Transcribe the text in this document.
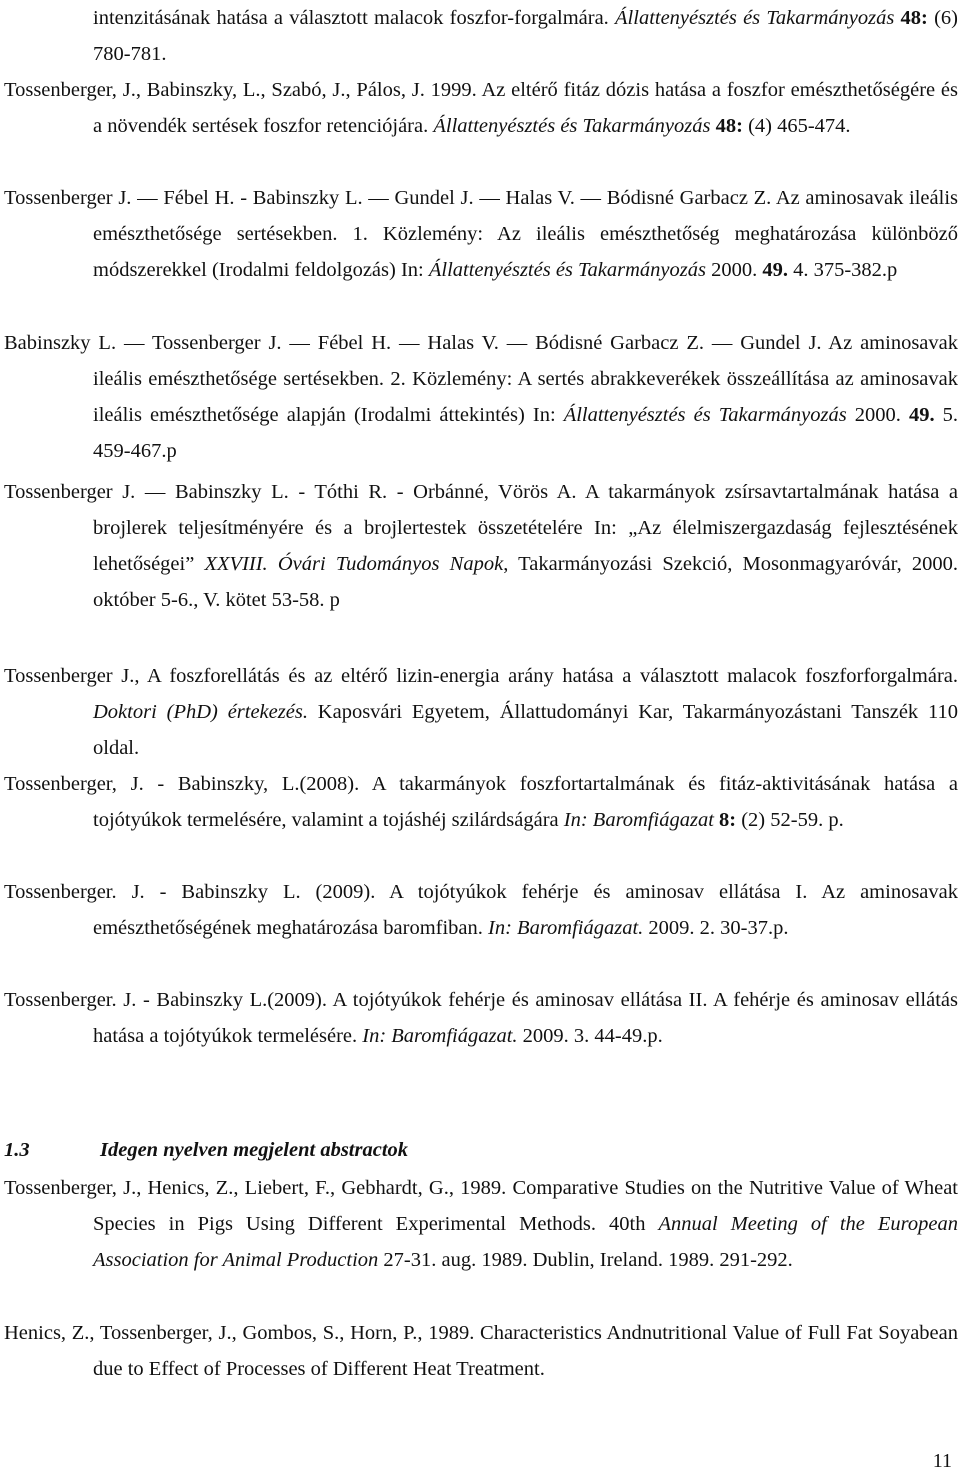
intenzitásának hatása a választott malacok foszfor-forgalmára. Állattenyésztés és Takarmányozás 48: (6) 780-781.

Tossenberger, J., Babinszky, L., Szabó, J., Pálos, J. 1999. Az eltérő fitáz dózis hatása a foszfor emészthetőségére és a növendék sertések foszfor retenciójára. Állattenyésztés és Takarmányozás 48: (4) 465-474.

Tossenberger J. — Fébel H. - Babinszky L. — Gundel J. — Halas V. — Bódisné Garbacz Z. Az aminosavak ileális emészthetősége sertésekben. 1. Közlemény: Az ileális emészthetőség meghatározása különböző módszerekkel (Irodalmi feldolgozás) In: Állattenyésztés és Takarmányozás 2000. 49. 4. 375-382.p

Babinszky L. — Tossenberger J. — Fébel H. — Halas V. — Bódisné Garbacz Z. — Gundel J. Az aminosavak ileális emészthetősége sertésekben. 2. Közlemény: A sertés abrakkeverékek összeállítása az aminosavak ileális emészthetősége alapján (Irodalmi áttekintés) In: Állattenyésztés és Takarmányozás 2000. 49. 5. 459-467.p

Tossenberger J. — Babinszky L. - Tóthi R. - Orbánné, Vörös A. A takarmányok zsírsavtartalmának hatása a brojlerek teljesítményére és a brojlertestek összetételére In: „Az élelmiszergazdaság fejlesztésének lehetőségei” XXVIII. Óvári Tudományos Napok, Takarmányozási Szekció, Mosonmagyaróvár, 2000. október 5-6., V. kötet 53-58. p

Tossenberger J., A foszforellátás és az eltérő lizin-energia arány hatása a választott malacok foszforforgalmára. Doktori (PhD) értekezés. Kaposvári Egyetem, Állattudományi Kar, Takarmányozástani Tanszék 110 oldal.

Tossenberger, J. - Babinszky, L.(2008). A takarmányok foszfortartalmának és fitáz-aktivitásának hatása a tojótyúkok termelésére, valamint a tojáshéj szilárdságára In: Baromfiágazat 8: (2) 52-59. p.

Tossenberger. J. - Babinszky L. (2009). A tojótyúkok fehérje és aminosav ellátása I. Az aminosavak emészthetőségének meghatározása baromfiban. In: Baromfiágazat. 2009. 2. 30-37.p.

Tossenberger. J. - Babinszky L.(2009). A tojótyúkok fehérje és aminosav ellátása II. A fehérje és aminosav ellátás hatása a tojótyúkok termelésére. In: Baromfiágazat. 2009. 3. 44-49.p.

1.3	Idegen nyelven megjelent abstractok

Tossenberger, J., Henics, Z., Liebert, F., Gebhardt, G., 1989. Comparative Studies on the Nutritive Value of Wheat Species in Pigs Using Different Experimental Methods. 40th Annual Meeting of the European Association for Animal Production 27-31. aug. 1989. Dublin, Ireland. 1989. 291-292.

Henics, Z., Tossenberger, J., Gombos, S., Horn, P., 1989. Characteristics Andnutritional Value of Full Fat Soyabean due to Effect of Processes of Different Heat Treatment.

11
